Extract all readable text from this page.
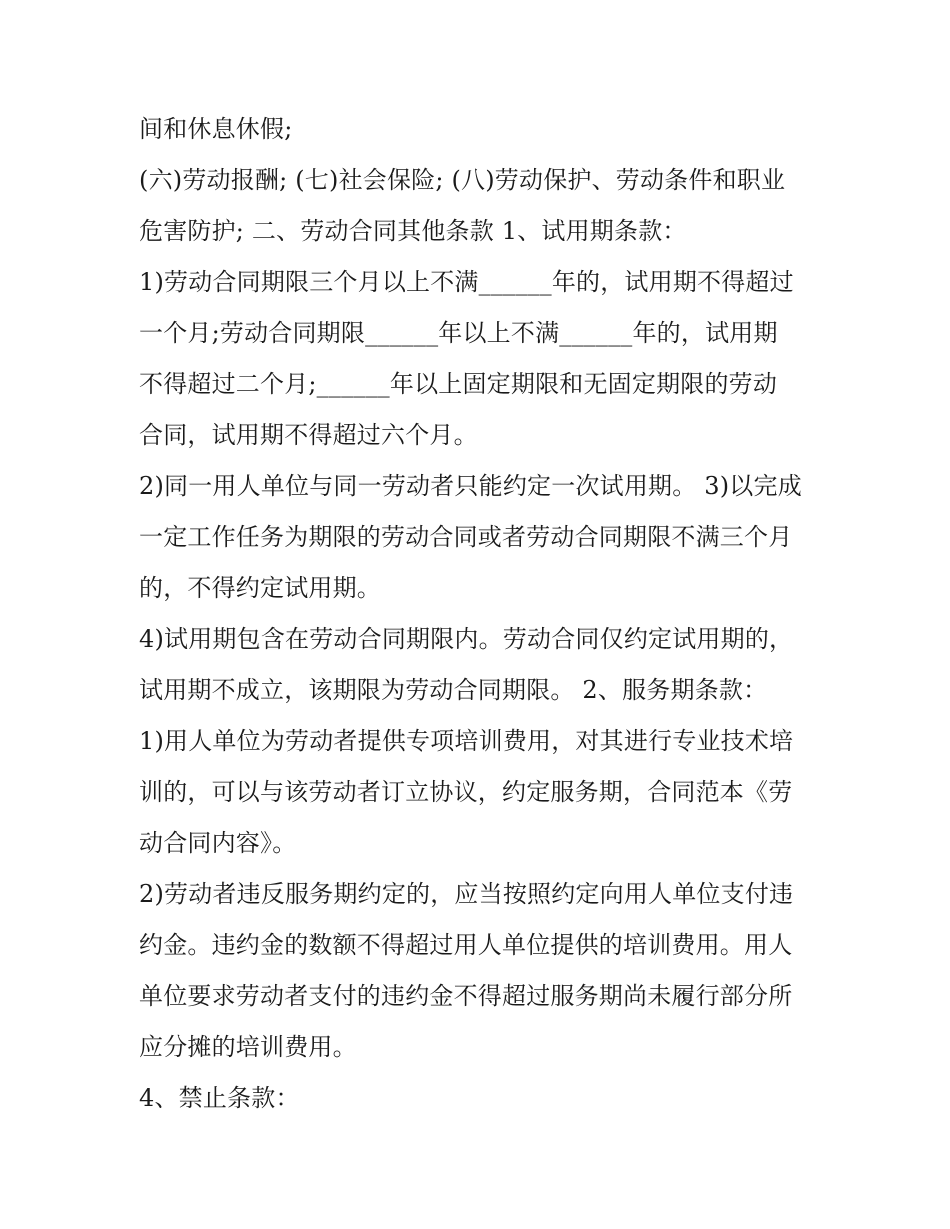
间和休息休假;
(六)劳动报酬; (七)社会保险; (八)劳动保护、劳动条件和职业
危害防护; 二、劳动合同其他条款 1、试用期条款：
1)劳动合同期限三个月以上不满______年的，试用期不得超过
一个月;劳动合同期限______年以上不满______年的，试用期
不得超过二个月;______年以上固定期限和无固定期限的劳动
合同，试用期不得超过六个月。
2)同一用人单位与同一劳动者只能约定一次试用期。 3)以完成
一定工作任务为期限的劳动合同或者劳动合同期限不满三个月
的，不得约定试用期。
4)试用期包含在劳动合同期限内。劳动合同仅约定试用期的，
试用期不成立，该期限为劳动合同期限。 2、服务期条款：
1)用人单位为劳动者提供专项培训费用，对其进行专业技术培
训的，可以与该劳动者订立协议，约定服务期，合同范本《劳
动合同内容》。
2)劳动者违反服务期约定的，应当按照约定向用人单位支付违
约金。违约金的数额不得超过用人单位提供的培训费用。用人
单位要求劳动者支付的违约金不得超过服务期尚未履行部分所
应分摊的培训费用。
4、禁止条款：
